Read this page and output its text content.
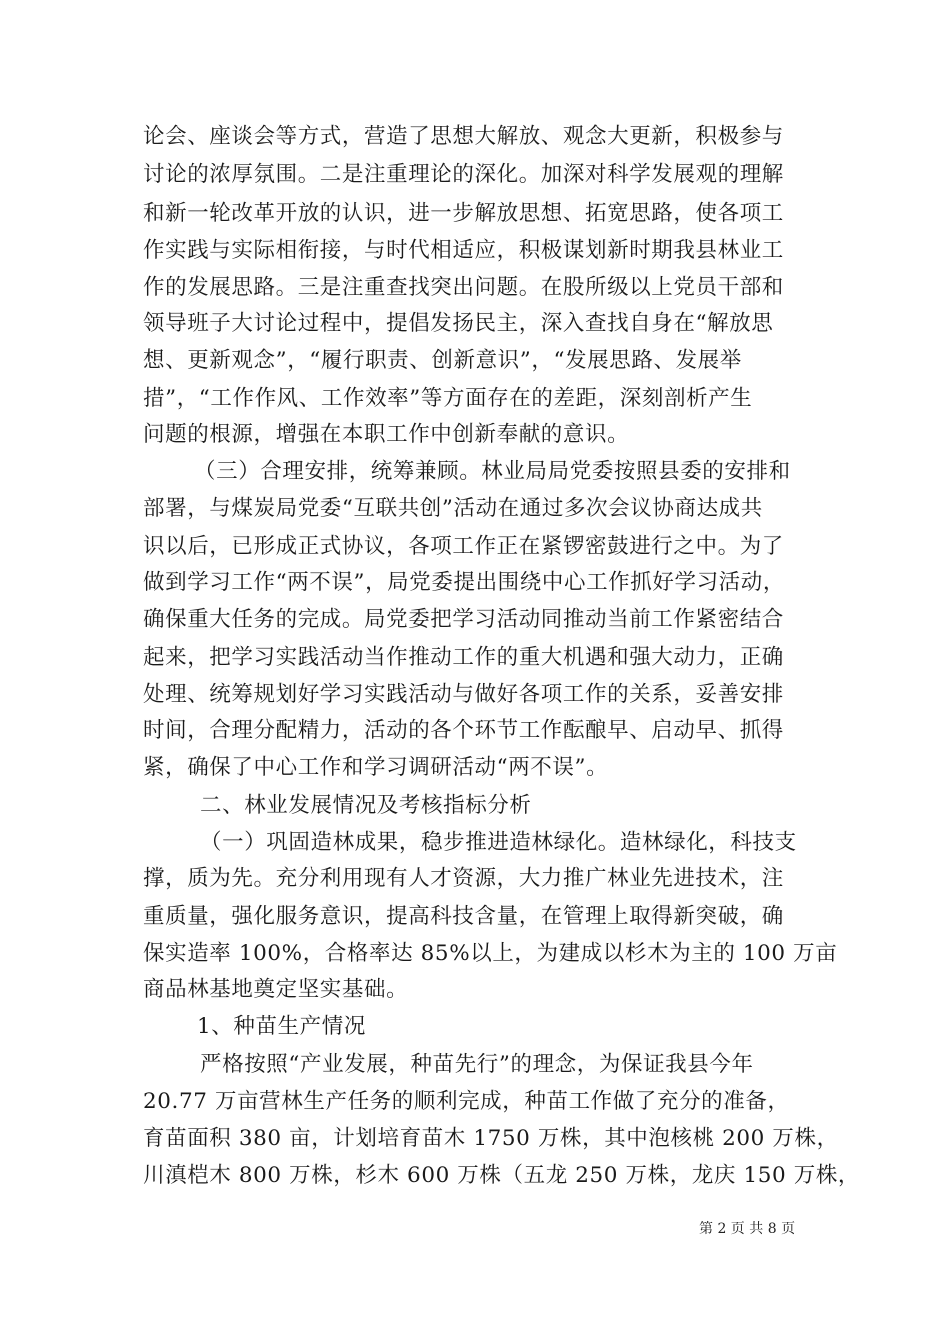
论会、座谈会等方式，营造了思想大解放、观念大更新，积极参与
讨论的浓厚氛围。二是注重理论的深化。加深对科学发展观的理解
和新一轮改革开放的认识，进一步解放思想、拓宽思路，使各项工
作实践与实际相衔接，与时代相适应，积极谋划新时期我县林业工
作的发展思路。三是注重查找突出问题。在股所级以上党员干部和
领导班子大讨论过程中，提倡发扬民主，深入查找自身在“解放思
想、更新观念”，“履行职责、创新意识”，“发展思路、发展举
措”，“工作作风、工作效率”等方面存在的差距，深刻剖析产生
问题的根源，增强在本职工作中创新奉献的意识。
（三）合理安排，统筹兼顾。林业局局党委按照县委的安排和
部署，与煤炭局党委“互联共创”活动在通过多次会议协商达成共
识以后，已形成正式协议，各项工作正在紧锣密鼓进行之中。为了
做到学习工作“两不误”，局党委提出围绕中心工作抓好学习活动，
确保重大任务的完成。局党委把学习活动同推动当前工作紧密结合
起来，把学习实践活动当作推动工作的重大机遇和强大动力，正确
处理、统筹规划好学习实践活动与做好各项工作的关系，妥善安排
时间，合理分配精力，活动的各个环节工作酝酿早、启动早、抓得
紧，确保了中心工作和学习调研活动“两不误”。
二、林业发展情况及考核指标分析
（一）巩固造林成果，稳步推进造林绿化。造林绿化，科技支
撑，质为先。充分利用现有人才资源，大力推广林业先进技术，注
重质量，强化服务意识，提高科技含量，在管理上取得新突破，确
保实造率 100%，合格率达 85%以上，为建成以杉木为主的 100 万亩
商品林基地奠定坚实基础。
1、种苗生产情况
严格按照“产业发展，种苗先行”的理念，为保证我县今年
20.77 万亩营林生产任务的顺利完成，种苗工作做了充分的准备，
育苗面积 380 亩，计划培育苗木 1750 万株，其中泡核桃 200 万株，
川滇桤木 800 万株，杉木 600 万株（五龙 250 万株，龙庆 150 万株，
第 2 页 共 8 页
